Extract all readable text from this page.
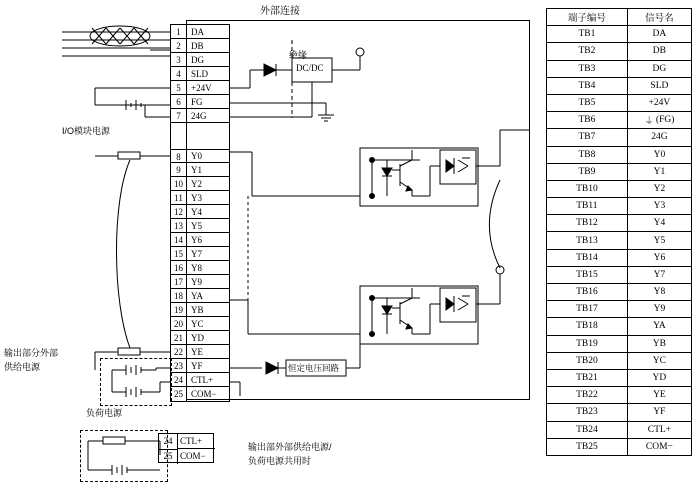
外部连接
1	DA
2	DB
3	DG
4	SLD
5	+24V
6	FG
7	24G
8	Y0
9	Y1
10 Y2
11 Y3
12 Y4
13 Y5
14 Y6
15 Y7
16 Y8
17 Y9
18 YA
19 YB
20 YC
21 YD
22 YE
23 YF
24 CTL+
25 COM−
绝缘
DC/DC
I/O模块电源
输出部分外部
供给电源
负荷电源
恒定电压回路
输出部外部供给电源/
负荷电源共用时
24 CTL+
25 COM−
端子编号	信号名
TB1	DA
TB2	DB
TB3	DG
TB4	SLD
TB5	+24V
TB6	⏚ (FG)
TB7	24G
TB8	Y0
TB9	Y1
TB10	Y2
TB11	Y3
TB12	Y4
TB13	Y5
TB14	Y6
TB15	Y7
TB16	Y8
TB17	Y9
TB18	YA
TB19	YB
TB20	YC
TB21	YD
TB22	YE
TB23	YF
TB24	CTL+
TB25	COM−
